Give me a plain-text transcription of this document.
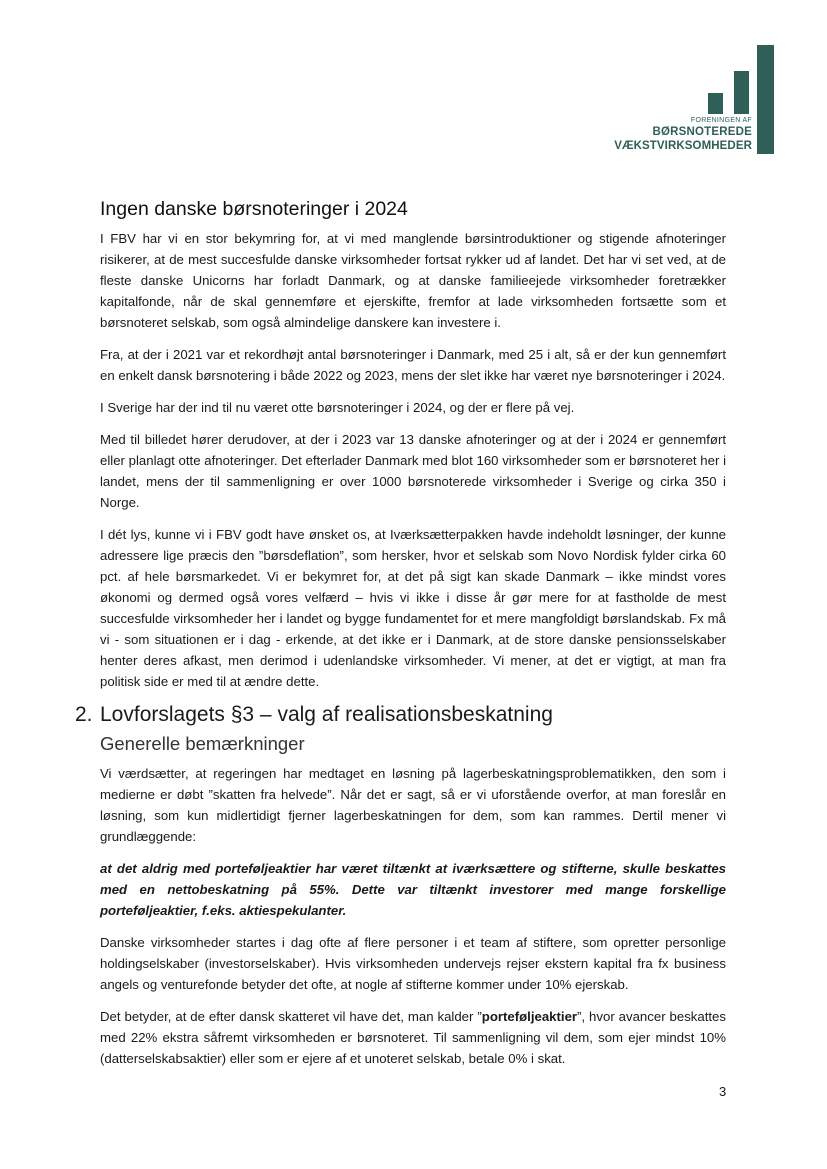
FORENINGEN AF
BØRSNOTEREDE
VÆKSTVIRKSOMHEDER
Ingen danske børsnoteringer i 2024

I FBV har vi en stor bekymring for, at vi med manglende børsintroduktioner og stigende afnoteringer risikerer, at de mest succesfulde danske virksomheder fortsat rykker ud af landet. Det har vi set ved, at de fleste danske Unicorns har forladt Danmark, og at danske familieejede virksomheder foretrækker kapitalfonde, når de skal gennemføre et ejerskifte, fremfor at lade virksomheden fortsætte som et børsnoteret selskab, som også almindelige danskere kan investere i.

Fra, at der i 2021 var et rekordhøjt antal børsnoteringer i Danmark, med 25 i alt, så er der kun gennemført en enkelt dansk børsnotering i både 2022 og 2023, mens der slet ikke har været nye børsnoteringer i 2024.

I Sverige har der ind til nu været otte børsnoteringer i 2024, og der er flere på vej.

Med til billedet hører derudover, at der i 2023 var 13 danske afnoteringer og at der i 2024 er gennemført eller planlagt otte afnoteringer. Det efterlader Danmark med blot 160 virksomheder som er børsnoteret her i landet, mens der til sammenligning er over 1000 børsnoterede virksomheder i Sverige og cirka 350 i Norge.

I dét lys, kunne vi i FBV godt have ønsket os, at Iværksætterpakken havde indeholdt løsninger, der kunne adressere lige præcis den ”børsdeflation”, som hersker, hvor et selskab som Novo Nordisk fylder cirka 60 pct. af hele børsmarkedet. Vi er bekymret for, at det på sigt kan skade Danmark – ikke mindst vores økonomi og dermed også vores velfærd – hvis vi ikke i disse år gør mere for at fastholde de mest succesfulde virksomheder her i landet og bygge fundamentet for et mere mangfoldigt børslandskab. Fx må vi - som situationen er i dag - erkende, at det ikke er i Danmark, at de store danske pensionsselskaber henter deres afkast, men derimod i udenlandske virksomheder. Vi mener, at det er vigtigt, at man fra politisk side er med til at ændre dette.

2. Lovforslagets §3 – valg af realisationsbeskatning
Generelle bemærkninger

Vi værdsætter, at regeringen har medtaget en løsning på lagerbeskatningsproblematikken, den som i medierne er døbt ”skatten fra helvede”. Når det er sagt, så er vi uforstående overfor, at man foreslår en løsning, som kun midlertidigt fjerner lagerbeskatningen for dem, som kan rammes. Dertil mener vi grundlæggende:

at det aldrig med porteføljeaktier har været tiltænkt at iværksættere og stifterne, skulle beskattes med en nettobeskatning på 55%. Dette var tiltænkt investorer med mange forskellige porteføljeaktier, f.eks. aktiespekulanter.

Danske virksomheder startes i dag ofte af flere personer i et team af stiftere, som opretter personlige holdingselskaber (investorselskaber). Hvis virksomheden undervejs rejser ekstern kapital fra fx business angels og venturefonde betyder det ofte, at nogle af stifterne kommer under 10% ejerskab.

Det betyder, at de efter dansk skatteret vil have det, man kalder ”porteføljeaktier”, hvor avancer beskattes med 22% ekstra såfremt virksomheden er børsnoteret. Til sammenligning vil dem, som ejer mindst 10% (datterselskabsaktier) eller som er ejere af et unoteret selskab, betale 0% i skat.

3
